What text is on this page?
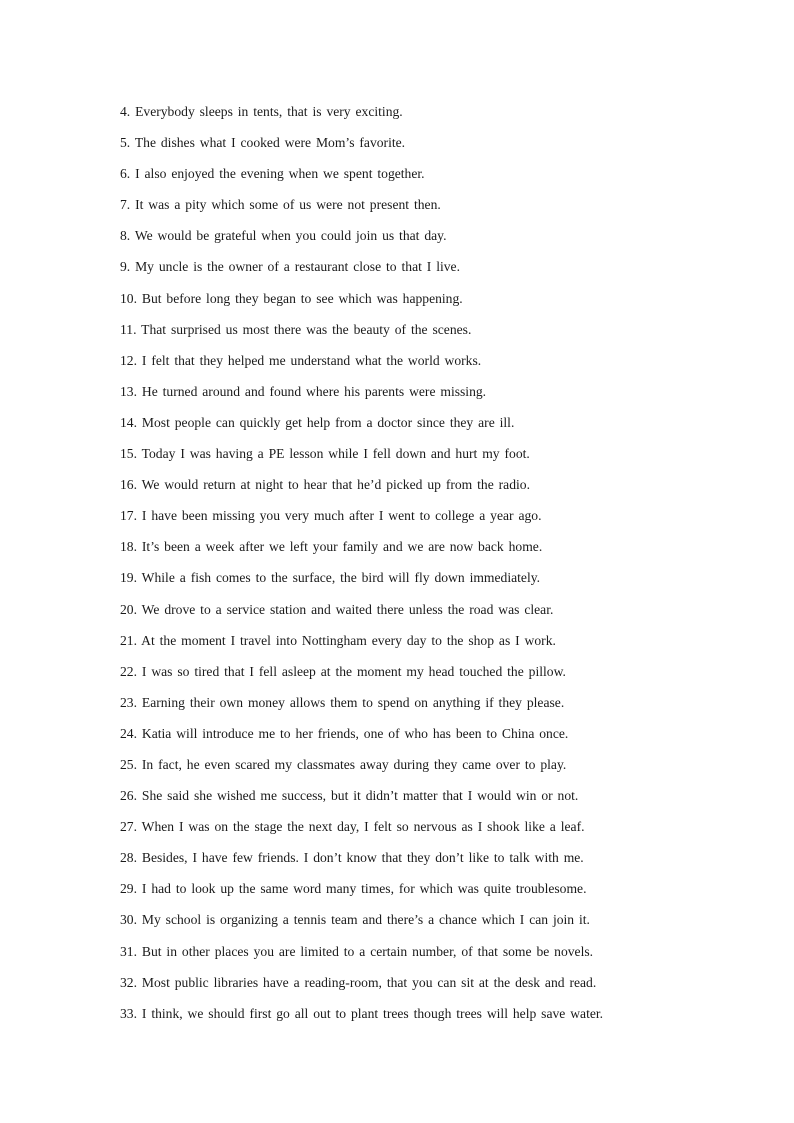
4. Everybody sleeps in tents, that is very exciting.
5. The dishes what I cooked were Mom’s favorite.
6. I also enjoyed the evening when we spent together.
7. It was a pity which some of us were not present then.
8. We would be grateful when you could join us that day.
9. My uncle is the owner of a restaurant close to that I live.
10. But before long they began to see which was happening.
11. That surprised us most there was the beauty of the scenes.
12. I felt that they helped me understand what the world works.
13. He turned around and found where his parents were missing.
14. Most people can quickly get help from a doctor since they are ill.
15. Today I was having a PE lesson while I fell down and hurt my foot.
16. We would return at night to hear that he’d picked up from the radio.
17. I have been missing you very much after I went to college a year ago.
18. It’s been a week after we left your family and we are now back home.
19. While a fish comes to the surface, the bird will fly down immediately.
20. We drove to a service station and waited there unless the road was clear.
21. At the moment I travel into Nottingham every day to the shop as I work.
22. I was so tired that I fell asleep at the moment my head touched the pillow.
23. Earning their own money allows them to spend on anything if they please.
24. Katia will introduce me to her friends, one of who has been to China once.
25. In fact, he even scared my classmates away during they came over to play.
26. She said she wished me success, but it didn’t matter that I would win or not.
27. When I was on the stage the next day, I felt so nervous as I shook like a leaf.
28. Besides, I have few friends. I don’t know that they don’t like to talk with me.
29. I had to look up the same word many times, for which was quite troublesome.
30. My school is organizing a tennis team and there’s a chance which I can join it.
31. But in other places you are limited to a certain number, of that some be novels.
32. Most public libraries have a reading-room, that you can sit at the desk and read.
33. I think, we should first go all out to plant trees though trees will help save water.
